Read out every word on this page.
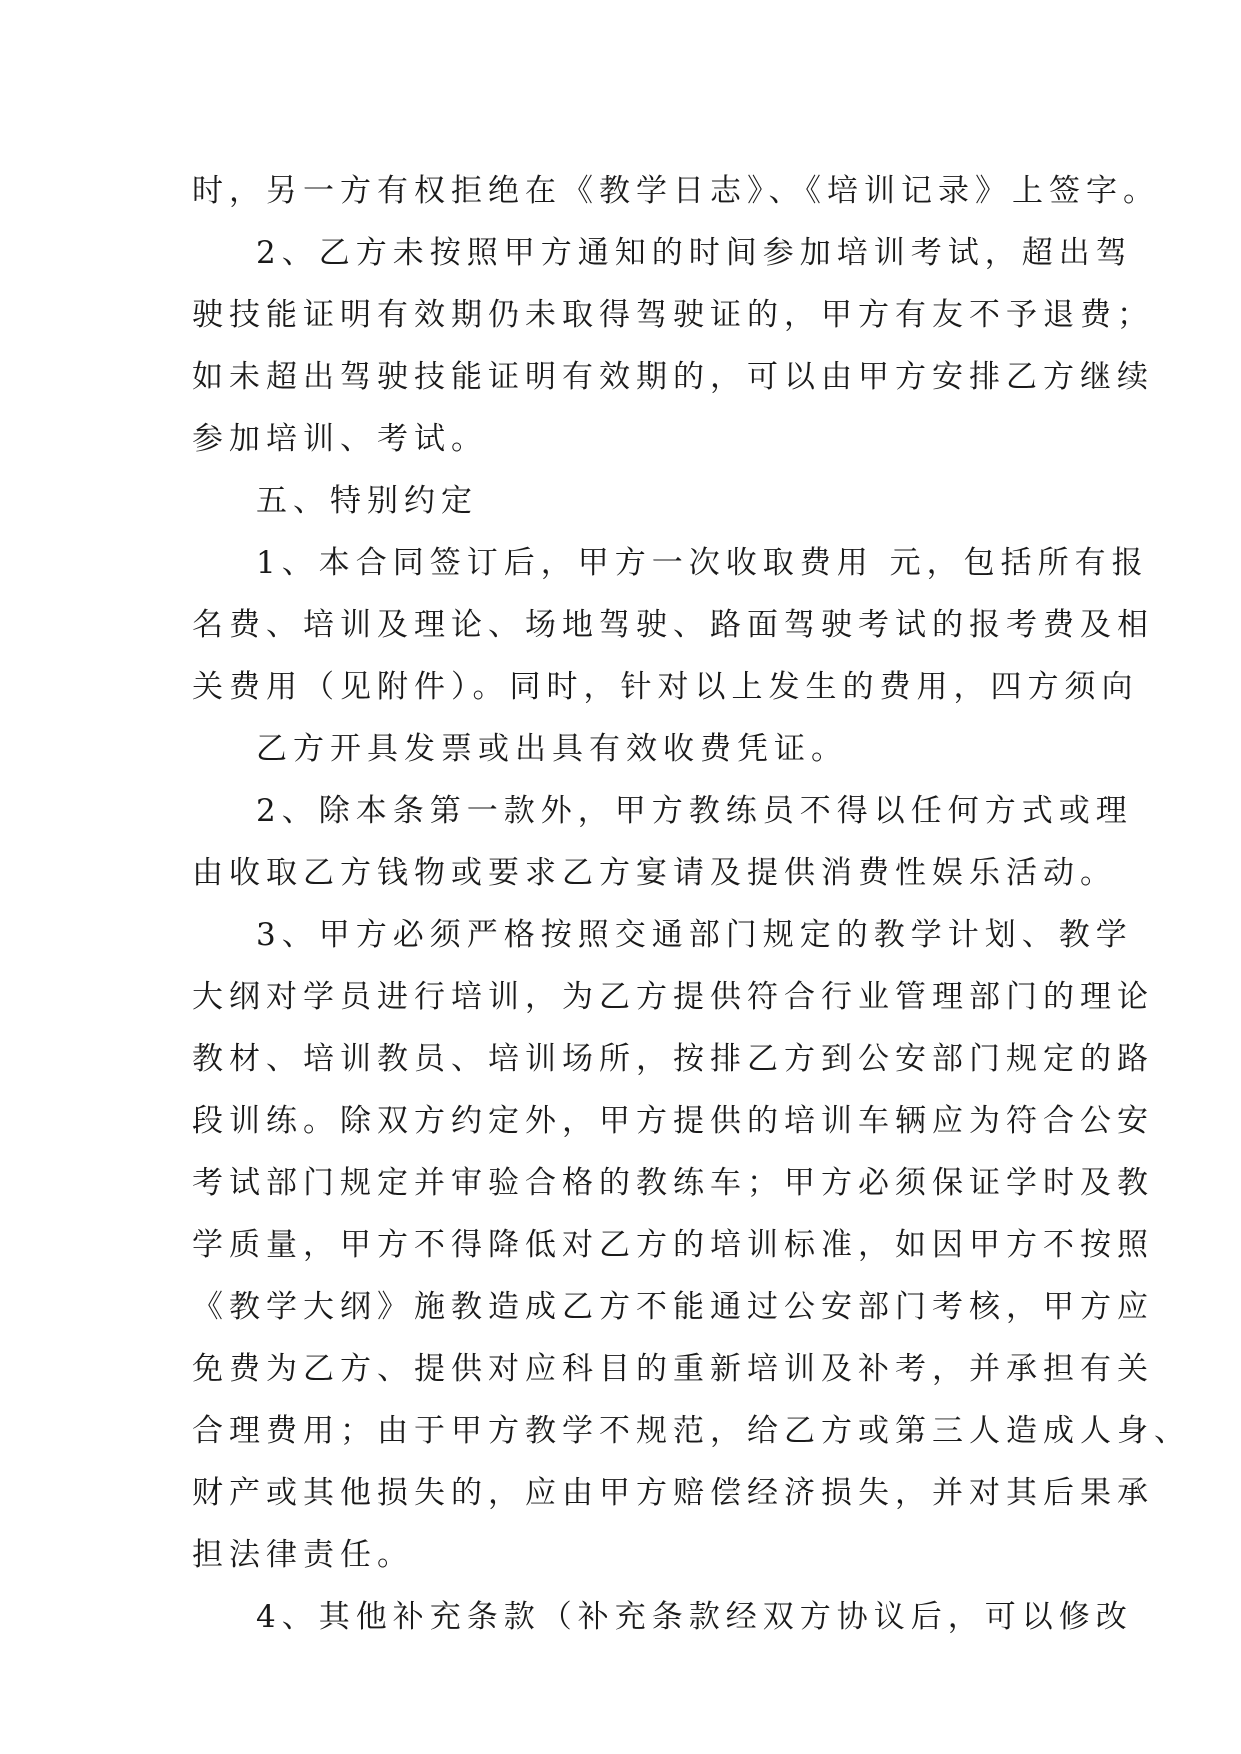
时，另一方有权拒绝在《教学日志》、《培训记录》上签字。
2、乙方未按照甲方通知的时间参加培训考试，超出驾
驶技能证明有效期仍未取得驾驶证的，甲方有友不予退费；
如未超出驾驶技能证明有效期的，可以由甲方安排乙方继续
参加培训、考试。
五、特别约定
1、本合同签订后，甲方一次收取费用 元，包括所有报
名费、培训及理论、场地驾驶、路面驾驶考试的报考费及相
关费用（见附件）。同时，针对以上发生的费用，四方须向
乙方开具发票或出具有效收费凭证。
2、除本条第一款外，甲方教练员不得以任何方式或理
由收取乙方钱物或要求乙方宴请及提供消费性娱乐活动。
3、甲方必须严格按照交通部门规定的教学计划、教学
大纲对学员进行培训，为乙方提供符合行业管理部门的理论
教材、培训教员、培训场所，按排乙方到公安部门规定的路
段训练。除双方约定外，甲方提供的培训车辆应为符合公安
考试部门规定并审验合格的教练车；甲方必须保证学时及教
学质量，甲方不得降低对乙方的培训标准，如因甲方不按照
《教学大纲》施教造成乙方不能通过公安部门考核，甲方应
免费为乙方、提供对应科目的重新培训及补考，并承担有关
合理费用；由于甲方教学不规范，给乙方或第三人造成人身、
财产或其他损失的，应由甲方赔偿经济损失，并对其后果承
担法律责任。
4、其他补充条款（补充条款经双方协议后，可以修改
